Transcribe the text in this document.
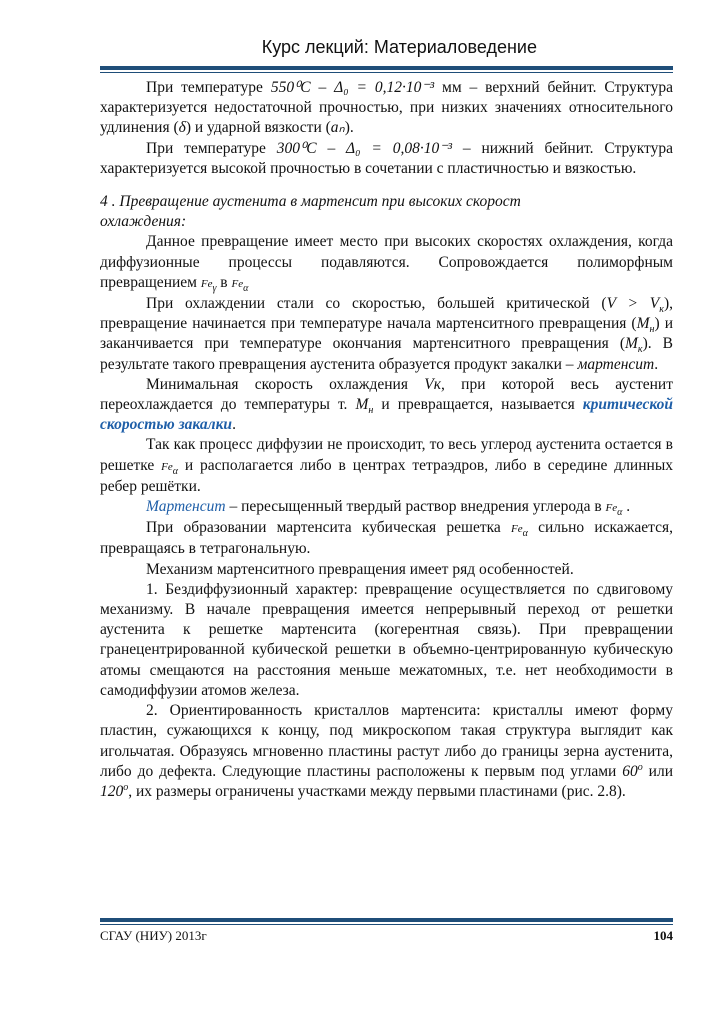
Курс лекций: Материаловедение

При температуре 550⁰С – Δ₀ = 0,12·10⁻³ мм – верхний бейнит. Структура характеризуется недостаточной прочностью, при низких значениях относительного удлинения (δ) и ударной вязкости (aₙ).

При температуре 300⁰С – Δ₀ = 0,08·10⁻³ – нижний бейнит. Структура характеризуется высокой прочностью в сочетании с пластичностью и вязкостью.

4 . Превращение аустенита в мартенсит при высоких скорост

охлаждения:

Данное превращение имеет место при высоких скоростях охлаждения, когда диффузионные процессы подавляются. Сопровождается полиморфным превращением $Fe_\gamma$ в $Fe_\alpha$

При охлаждении стали со скоростью, большей критической $(V > V_к)$, превращение начинается при температуре начала мартенситного превращения $(М_н)$ и заканчивается при температуре окончания мартенситного превращения $(М_к)$. В результате такого превращения аустенита образуется продукт закалки – мартенсит.

Минимальная скорость охлаждения Vк, при которой весь аустенит переохлаждается до температуры т. $М_н$ и превращается, называется критической скоростью закалки.

Так как процесс диффузии не происходит, то весь углерод аустенита остается в решетке $Fe_\alpha$ и располагается либо в центрах тетраэдров, либо в середине длинных ребер решётки.

Мартенсит – пересыщенный твердый раствор внедрения углерода в $Fe_\alpha$ .

При образовании мартенсита кубическая решетка $Fe_\alpha$ сильно искажается, превращаясь в тетрагональную.

Механизм мартенситного превращения имеет ряд особенностей.

1. Бездиффузионный характер: превращение осуществляется по сдвиговому механизму. В начале превращения имеется непрерывный переход от решетки аустенита к решетке мартенсита (когерентная связь). При превращении гранецентрированной кубической решетки в объемно-центрированную кубическую атомы смещаются на расстояния меньше межатомных, т.е. нет необходимости в самодиффузии атомов железа.

2. Ориентированность кристаллов мартенсита: кристаллы имеют форму пластин, сужающихся к концу, под микроскопом такая структура выглядит как игольчатая. Образуясь мгновенно пластины растут либо до границы зерна аустенита, либо до дефекта. Следующие пластины расположены к первым под углами 60$^o$ или 120$^o$, их размеры ограничены участками между первыми пластинами (рис. 2.8).

СГАУ (НИУ) 2013г	104
